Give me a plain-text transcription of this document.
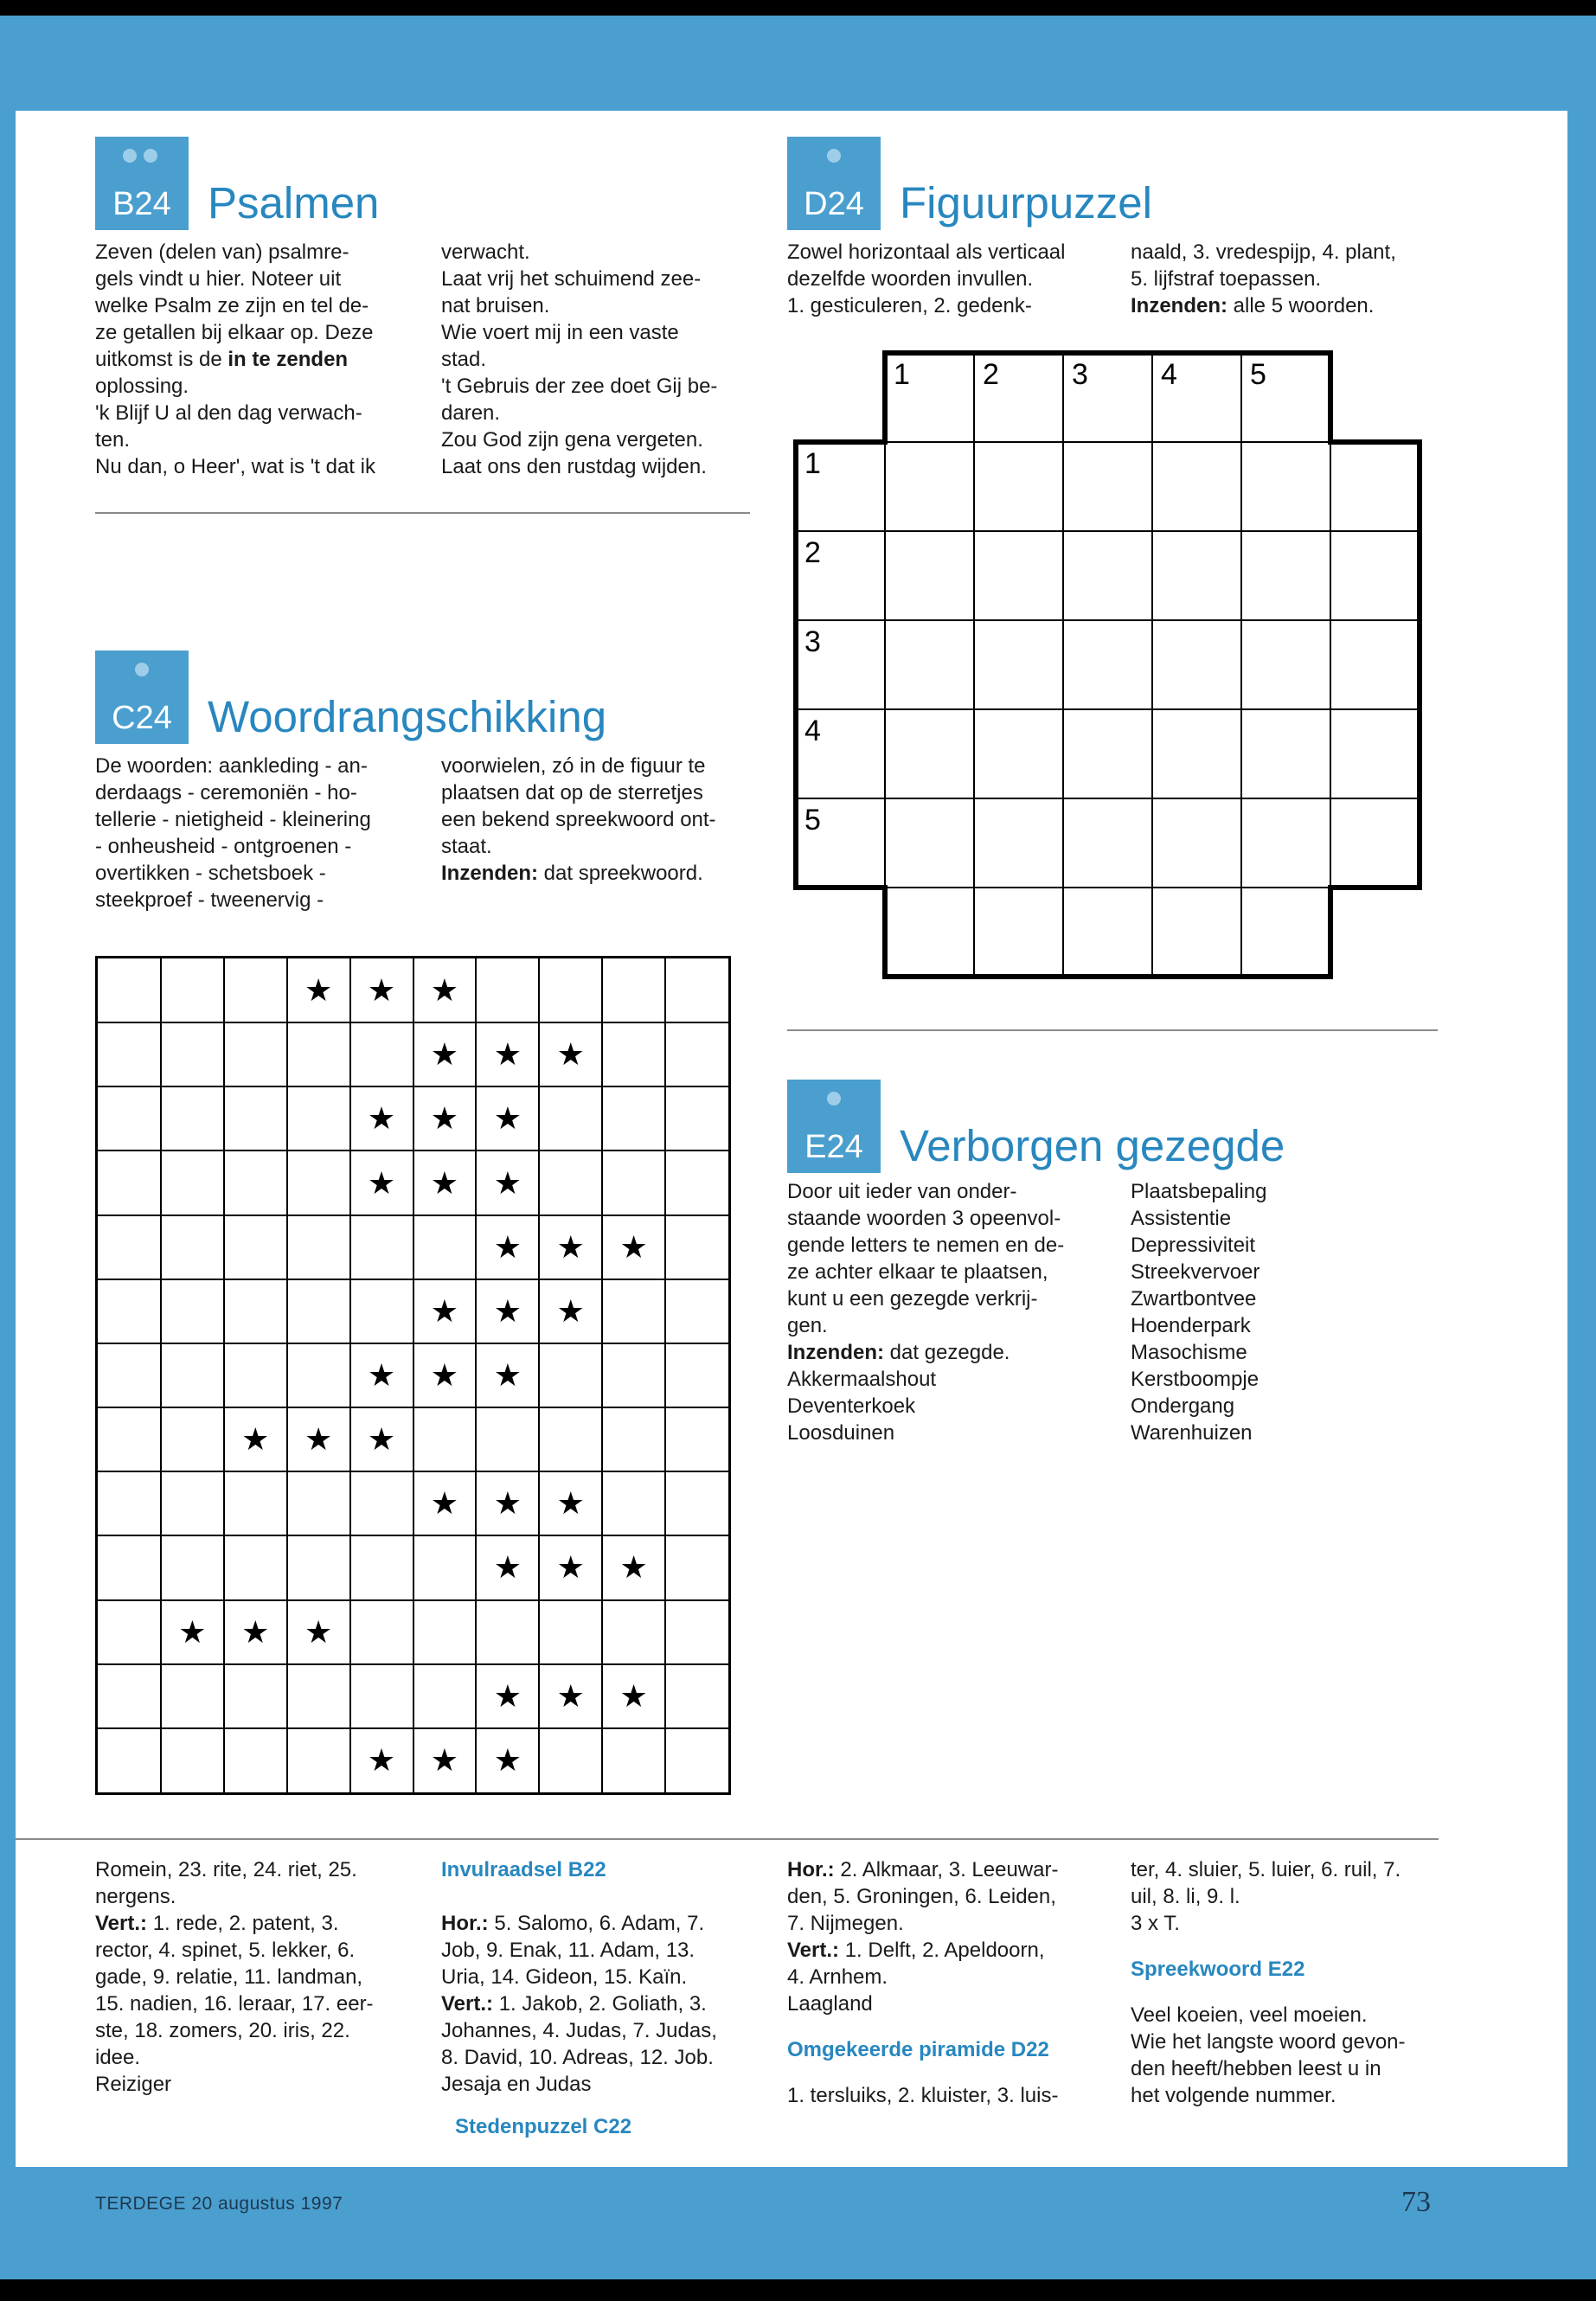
TERDEGE 20 augustus 1997	73
B24 Psalmen

Zeven (delen van) psalmre-

gels vindt u hier. Noteer uit

welke Psalm ze zijn en tel de-

ze getallen bij elkaar op. Deze

uitkomst is de in te zenden

oplossing.

'k Blijf U al den dag verwach-

ten.

Nu dan, o Heer', wat is 't dat ik

verwacht.

Laat vrij het schuimend zee-

nat bruisen.

Wie voert mij in een vaste

stad.

't Gebruis der zee doet Gij be-

daren.

Zou God zijn gena vergeten.

Laat ons den rustdag wijden.

C24 Woordrangschikking

De woorden: aankleding - an-

derdaags - ceremoniën - ho-

tellerie - nietigheid - kleinering

- onheusheid - ontgroenen -

overtikken - schetsboek -

steekproef - tweenervig -

voorwielen, zó in de figuur te

plaatsen dat op de sterretjes

een bekend spreekwoord ont-

staat.

Inzenden: dat spreekwoord.

★ ★ ★
★ ★ ★
★ ★ ★
★ ★ ★
★ ★ ★
★ ★ ★
★ ★ ★
★ ★ ★
★ ★ ★
★ ★ ★
★ ★ ★
★ ★ ★
★ ★ ★
D24 Figuurpuzzel

Zowel horizontaal als verticaal

dezelfde woorden invullen.

1. gesticuleren, 2. gedenk-

naald, 3. vredespijp, 4. plant,

5. lijfstraf toepassen.

Inzenden: alle 5 woorden.

1 2 3 4 5
1
2
3
4
5
E24 Verborgen gezegde

Door uit ieder van onder-

staande woorden 3 opeenvol-

gende letters te nemen en de-

ze achter elkaar te plaatsen,

kunt u een gezegde verkrij-

gen.

Inzenden: dat gezegde.

Akkermaalshout

Deventerkoek

Loosduinen

Plaatsbepaling

Assistentie

Depressiviteit

Streekvervoer

Zwartbontvee

Hoenderpark

Masochisme

Kerstboompje

Ondergang

Warenhuizen

Romein, 23. rite, 24. riet, 25.

nergens.

Vert.: 1. rede, 2. patent, 3.

rector, 4. spinet, 5. lekker, 6.

gade, 9. relatie, 11. landman,

15. nadien, 16. leraar, 17. eer-

ste, 18. zomers, 20. iris, 22.

idee.

Reiziger

Invulraadsel B22

Hor.: 5. Salomo, 6. Adam, 7.

Job, 9. Enak, 11. Adam, 13.

Uria, 14. Gideon, 15. Kaïn.

Vert.: 1. Jakob, 2. Goliath, 3.

Johannes, 4. Judas, 7. Judas,

8. David, 10. Adreas, 12. Job.

Jesaja en Judas

Stedenpuzzel C22

Hor.: 2. Alkmaar, 3. Leeuwar-

den, 5. Groningen, 6. Leiden,

7. Nijmegen.

Vert.: 1. Delft, 2. Apeldoorn,

4. Arnhem.

Laagland

Omgekeerde piramide D22

1. tersluiks, 2. kluister, 3. luis-

ter, 4. sluier, 5. luier, 6. ruil, 7.

uil, 8. li, 9. l.

3 x T.

Spreekwoord E22

Veel koeien, veel moeien.

Wie het langste woord gevon-

den heeft/hebben leest u in

het volgende nummer.
